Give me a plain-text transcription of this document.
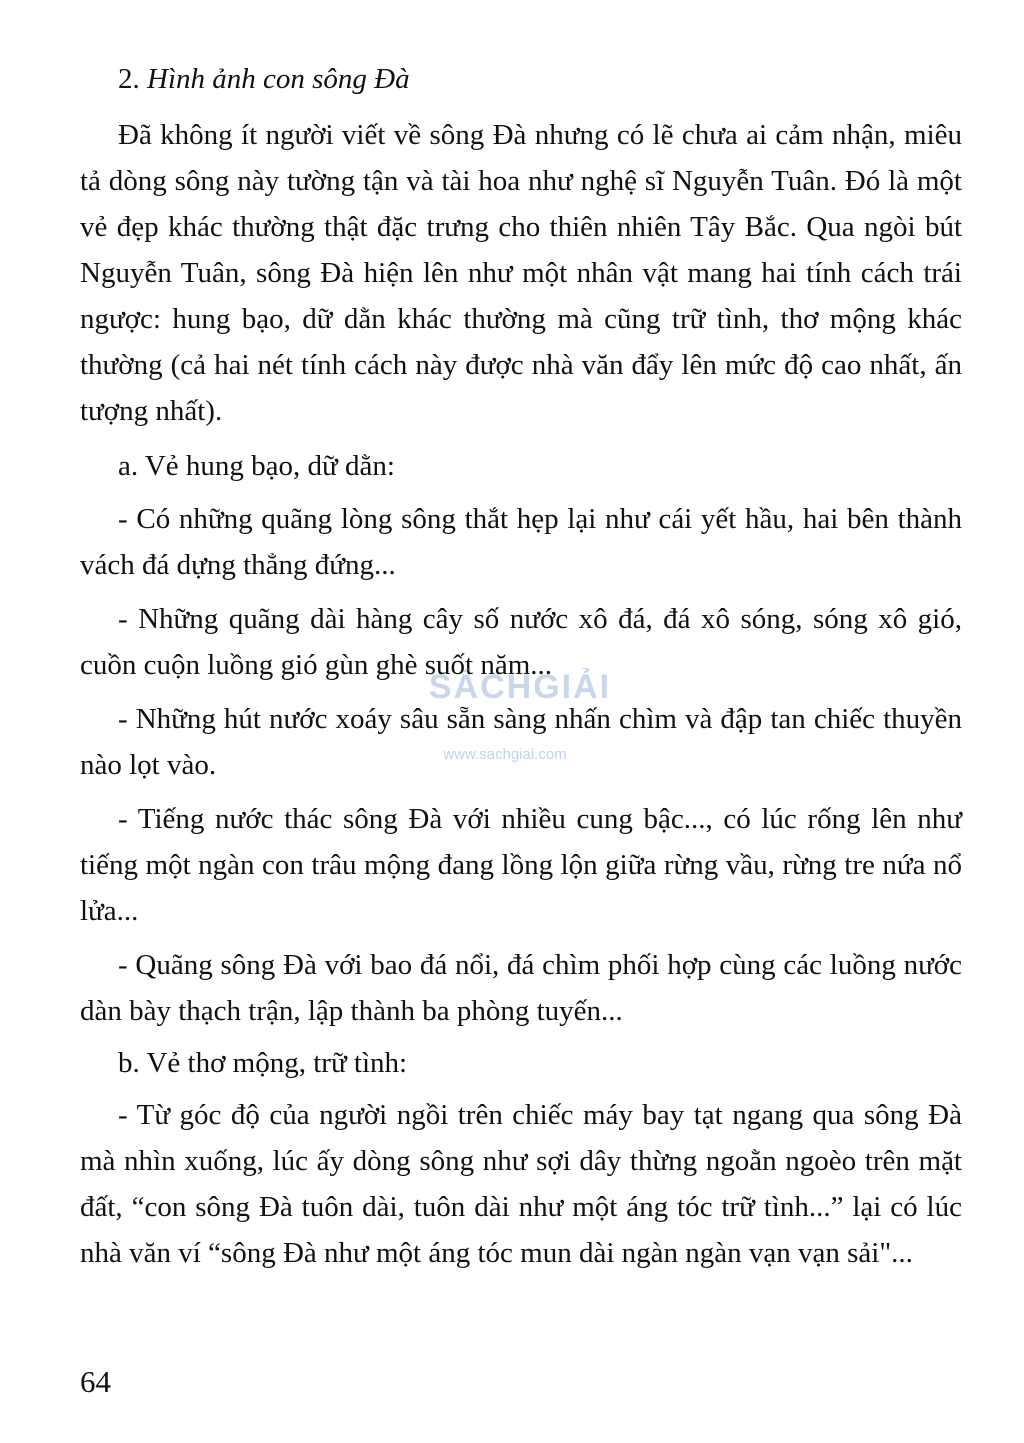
2. Hình ảnh con sông Đà

Đã không ít người viết về sông Đà nhưng có lẽ chưa ai cảm nhận, miêu tả dòng sông này tường tận và tài hoa như nghệ sĩ Nguyễn Tuân. Đó là một vẻ đẹp khác thường thật đặc trưng cho thiên nhiên Tây Bắc. Qua ngòi bút Nguyễn Tuân, sông Đà hiện lên như một nhân vật mang hai tính cách trái ngược: hung bạo, dữ dằn khác thường mà cũng trữ tình, thơ mộng khác thường (cả hai nét tính cách này được nhà văn đẩy lên mức độ cao nhất, ấn tượng nhất).

a. Vẻ hung bạo, dữ dằn:

- Có những quãng lòng sông thắt hẹp lại như cái yết hầu, hai bên thành vách đá dựng thẳng đứng...

- Những quãng dài hàng cây số nước xô đá, đá xô sóng, sóng xô gió, cuồn cuộn luồng gió gùn ghè suốt năm...

- Những hút nước xoáy sâu sẵn sàng nhấn chìm và đập tan chiếc thuyền nào lọt vào.

- Tiếng nước thác sông Đà với nhiều cung bậc..., có lúc rống lên như tiếng một ngàn con trâu mộng đang lồng lộn giữa rừng vầu, rừng tre nứa nổ lửa...

- Quãng sông Đà với bao đá nổi, đá chìm phối hợp cùng các luồng nước dàn bày thạch trận, lập thành ba phòng tuyến...

b. Vẻ thơ mộng, trữ tình:

- Từ góc độ của người ngồi trên chiếc máy bay tạt ngang qua sông Đà mà nhìn xuống, lúc ấy dòng sông như sợi dây thừng ngoằn ngoèo trên mặt đất, “con sông Đà tuôn dài, tuôn dài như một áng tóc trữ tình...” lại có lúc nhà văn ví “sông Đà như một áng tóc mun dài ngàn ngàn vạn vạn sải"...

64
SÁCHGIẢI
www.sachgiai.com
